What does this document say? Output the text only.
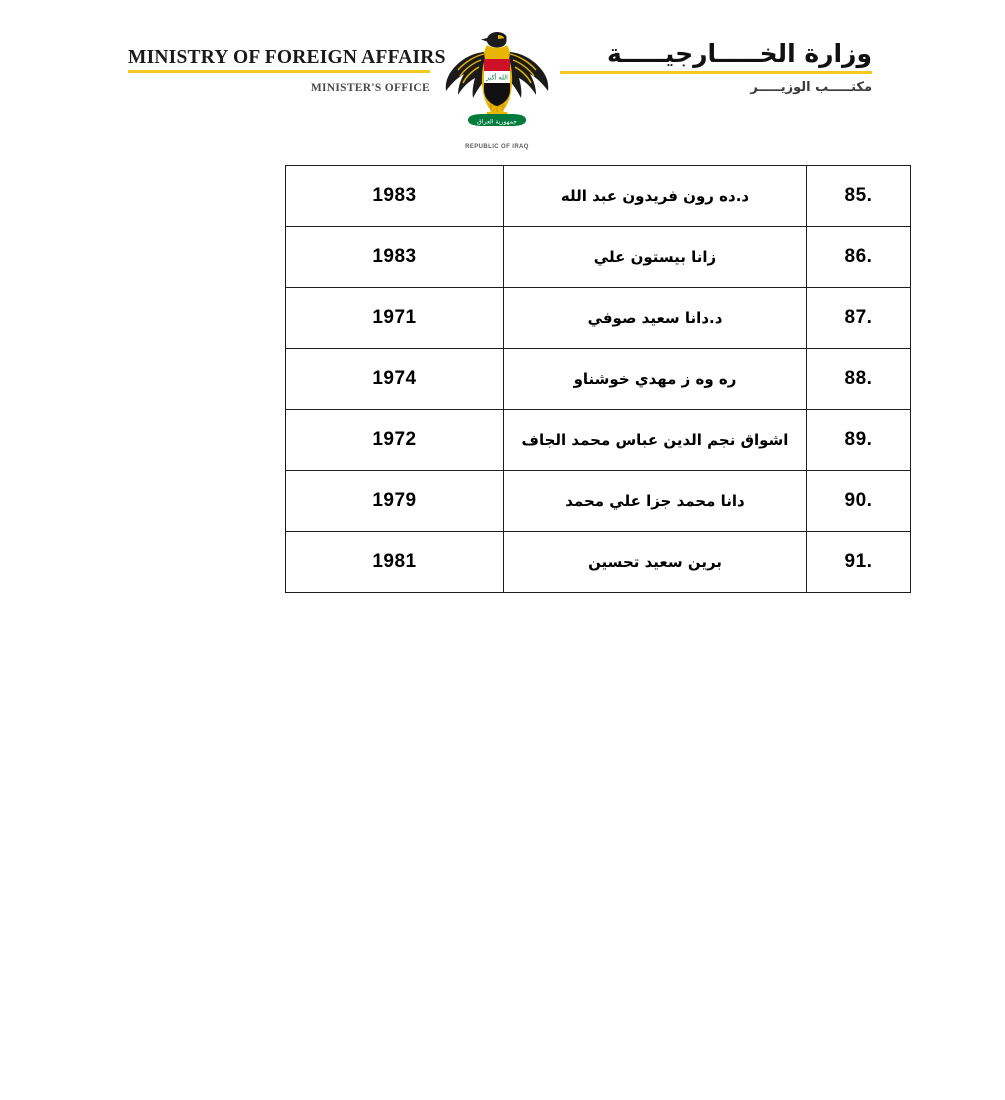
MINISTRY OF FOREIGN AFFAIRS
MINISTER'S OFFICE
الله أكبر
جمهورية العراق
REPUBLIC OF IRAQ
وزارة الخـــــارجيـــــة
مكتـــــب الوزيـــــر
1983	د.ده رون فريدون عبد الله	85.
1983	زانا بيستون علي	86.
1971	د.دانا سعيد صوفي	87.
1974	ره وه ز مهدي خوشناو	88.
1972	اشواق نجم الدين عباس محمد الجاف	89.
1979	دانا محمد جزا علي محمد	90.
1981	برين سعيد تحسين	91.
